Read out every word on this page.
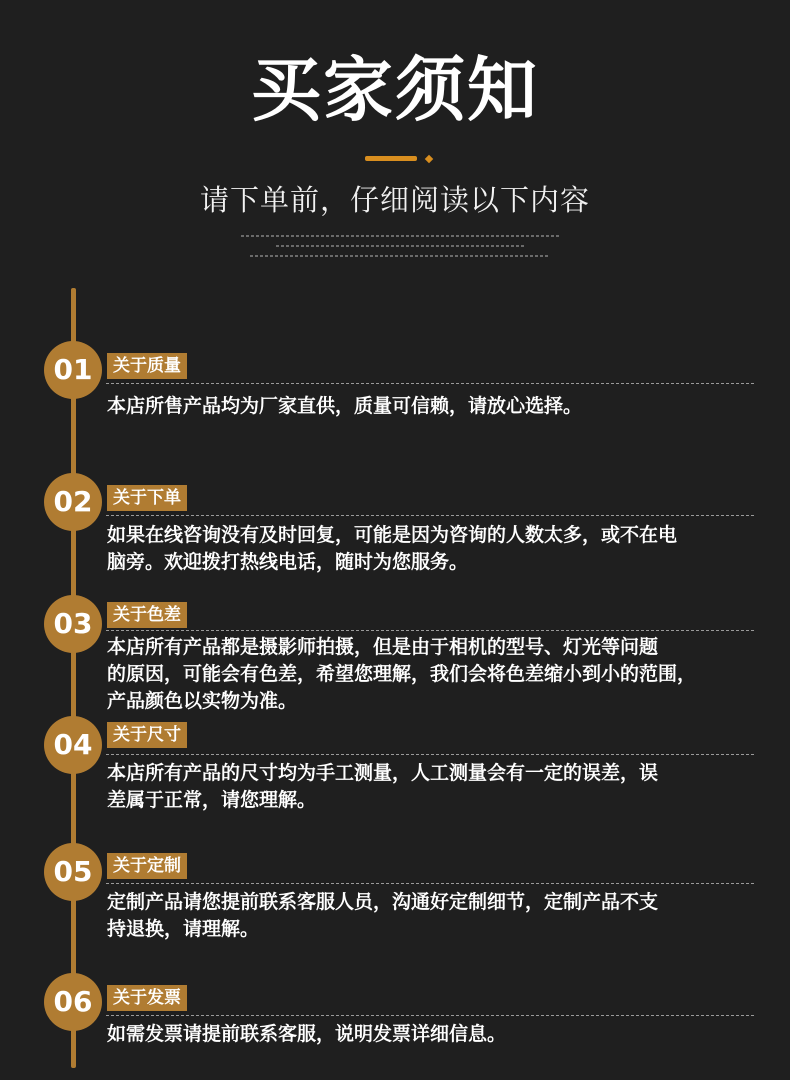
买家须知
请下单前，仔细阅读以下内容
01	关于质量
本店所售产品均为厂家直供，质量可信赖，请放心选择。
02	关于下单
如果在线咨询没有及时回复，可能是因为咨询的人数太多，或不在电
脑旁。欢迎拨打热线电话，随时为您服务。
03	关于色差
本店所有产品都是摄影师拍摄，但是由于相机的型号、灯光等问题
的原因，可能会有色差，希望您理解，我们会将色差缩小到小的范围，
产品颜色以实物为准。
04	关于尺寸
本店所有产品的尺寸均为手工测量，人工测量会有一定的误差，误
差属于正常，请您理解。
05	关于定制
定制产品请您提前联系客服人员，沟通好定制细节，定制产品不支
持退换，请理解。
06	关于发票
如需发票请提前联系客服，说明发票详细信息。
